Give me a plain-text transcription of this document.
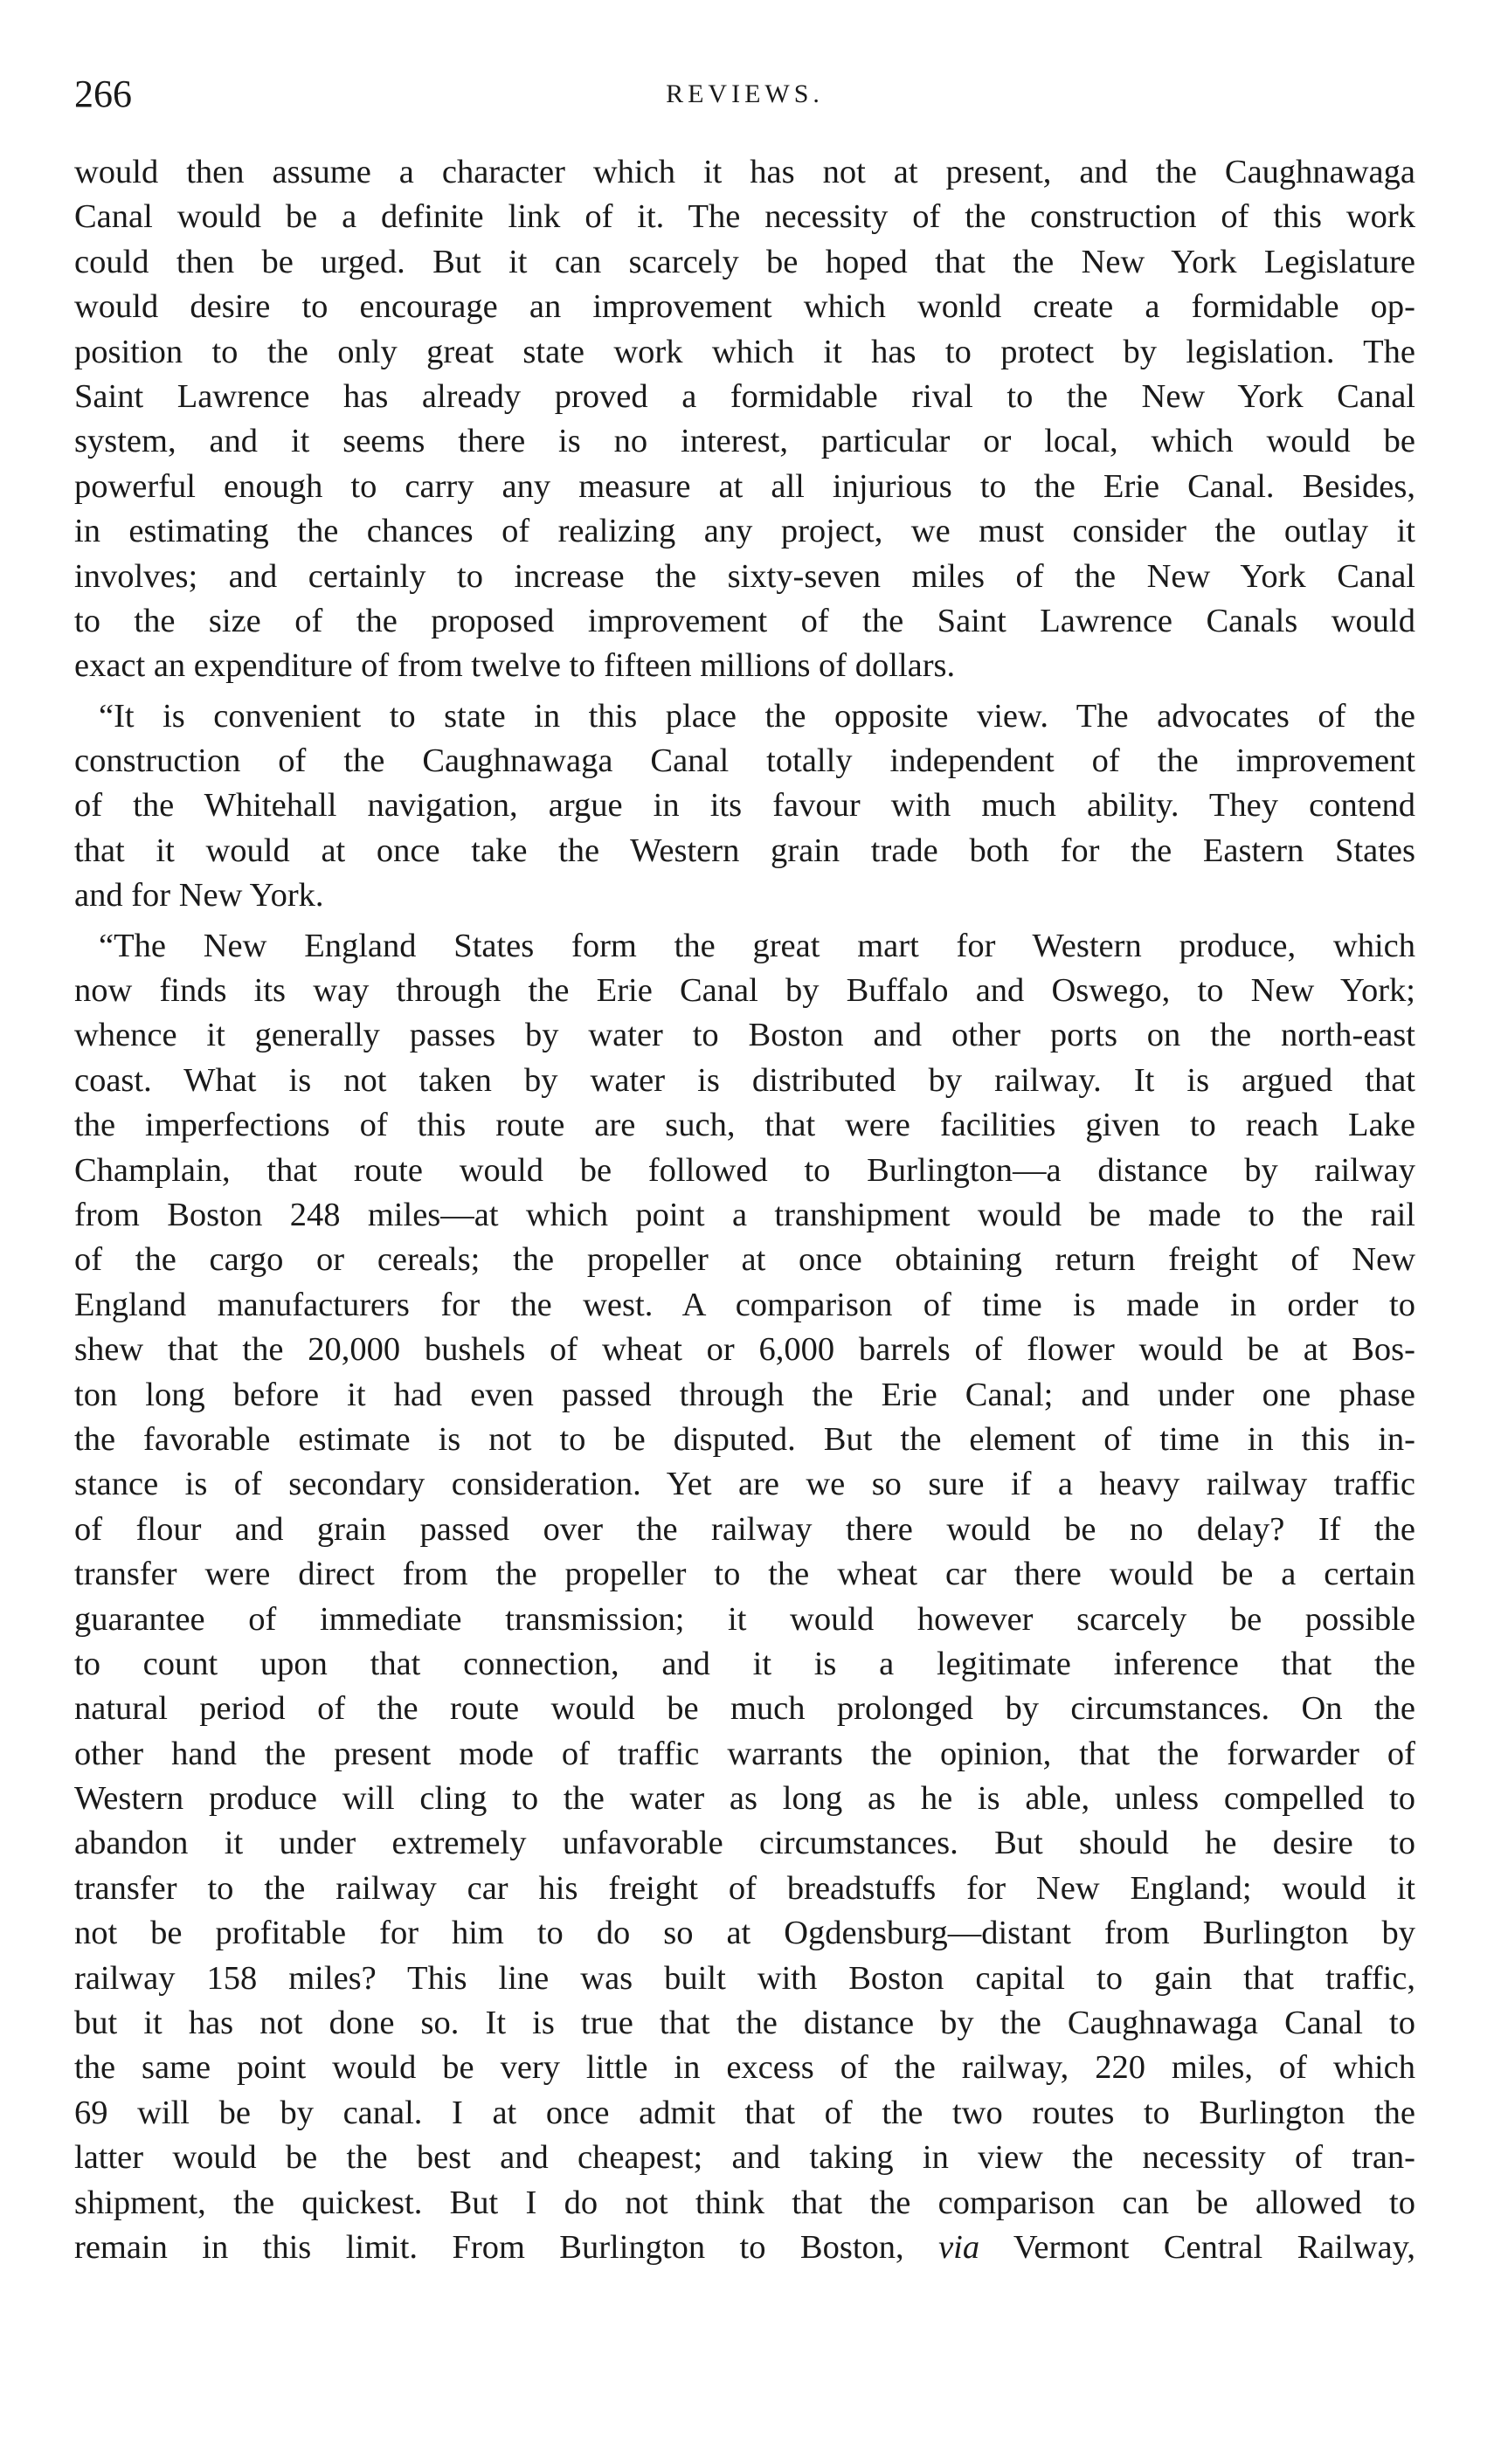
266	REVIEWS.
would then assume a character which it has not at present, and the Caughnawaga
Canal would be a definite link of it. The necessity of the construction of this work
could then be urged. But it can scarcely be hoped that the New York Legislature
would desire to encourage an improvement which wonld create a formidable op-
position to the only great state work which it has to protect by legislation. The
Saint Lawrence has already proved a formidable rival to the New York Canal
system, and it seems there is no interest, particular or local, which would be
powerful enough to carry any measure at all injurious to the Erie Canal. Besides,
in estimating the chances of realizing any project, we must consider the outlay it
involves; and certainly to increase the sixty-seven miles of the New York Canal
to the size of the proposed improvement of the Saint Lawrence Canals would
exact an expenditure of from twelve to fifteen millions of dollars.
“It is convenient to state in this place the opposite view. The advocates of the
construction of the Caughnawaga Canal totally independent of the improvement
of the Whitehall navigation, argue in its favour with much ability. They contend
that it would at once take the Western grain trade both for the Eastern States
and for New York.
“The New England States form the great mart for Western produce, which
now finds its way through the Erie Canal by Buffalo and Oswego, to New York;
whence it generally passes by water to Boston and other ports on the north-east
coast. What is not taken by water is distributed by railway. It is argued that
the imperfections of this route are such, that were facilities given to reach Lake
Champlain, that route would be followed to Burlington—a distance by railway
from Boston 248 miles—at which point a transhipment would be made to the rail
of the cargo or cereals; the propeller at once obtaining return freight of New
England manufacturers for the west. A comparison of time is made in order to
shew that the 20,000 bushels of wheat or 6,000 barrels of flower would be at Bos-
ton long before it had even passed through the Erie Canal; and under one phase
the favorable estimate is not to be disputed. But the element of time in this in-
stance is of secondary consideration. Yet are we so sure if a heavy railway traffic
of flour and grain passed over the railway there would be no delay? If the
transfer were direct from the propeller to the wheat car there would be a certain
guarantee of immediate transmission; it would however scarcely be possible
to count upon that connection, and it is a legitimate inference that the
natural period of the route would be much prolonged by circumstances. On the
other hand the present mode of traffic warrants the opinion, that the forwarder of
Western produce will cling to the water as long as he is able, unless compelled to
abandon it under extremely unfavorable circumstances. But should he desire to
transfer to the railway car his freight of breadstuffs for New England; would it
not be profitable for him to do so at Ogdensburg—distant from Burlington by
railway 158 miles? This line was built with Boston capital to gain that traffic,
but it has not done so. It is true that the distance by the Caughnawaga Canal to
the same point would be very little in excess of the railway, 220 miles, of which
69 will be by canal. I at once admit that of the two routes to Burlington the
latter would be the best and cheapest; and taking in view the necessity of tran-
shipment, the quickest. But I do not think that the comparison can be allowed to
remain in this limit. From Burlington to Boston, via Vermont Central Railway,
